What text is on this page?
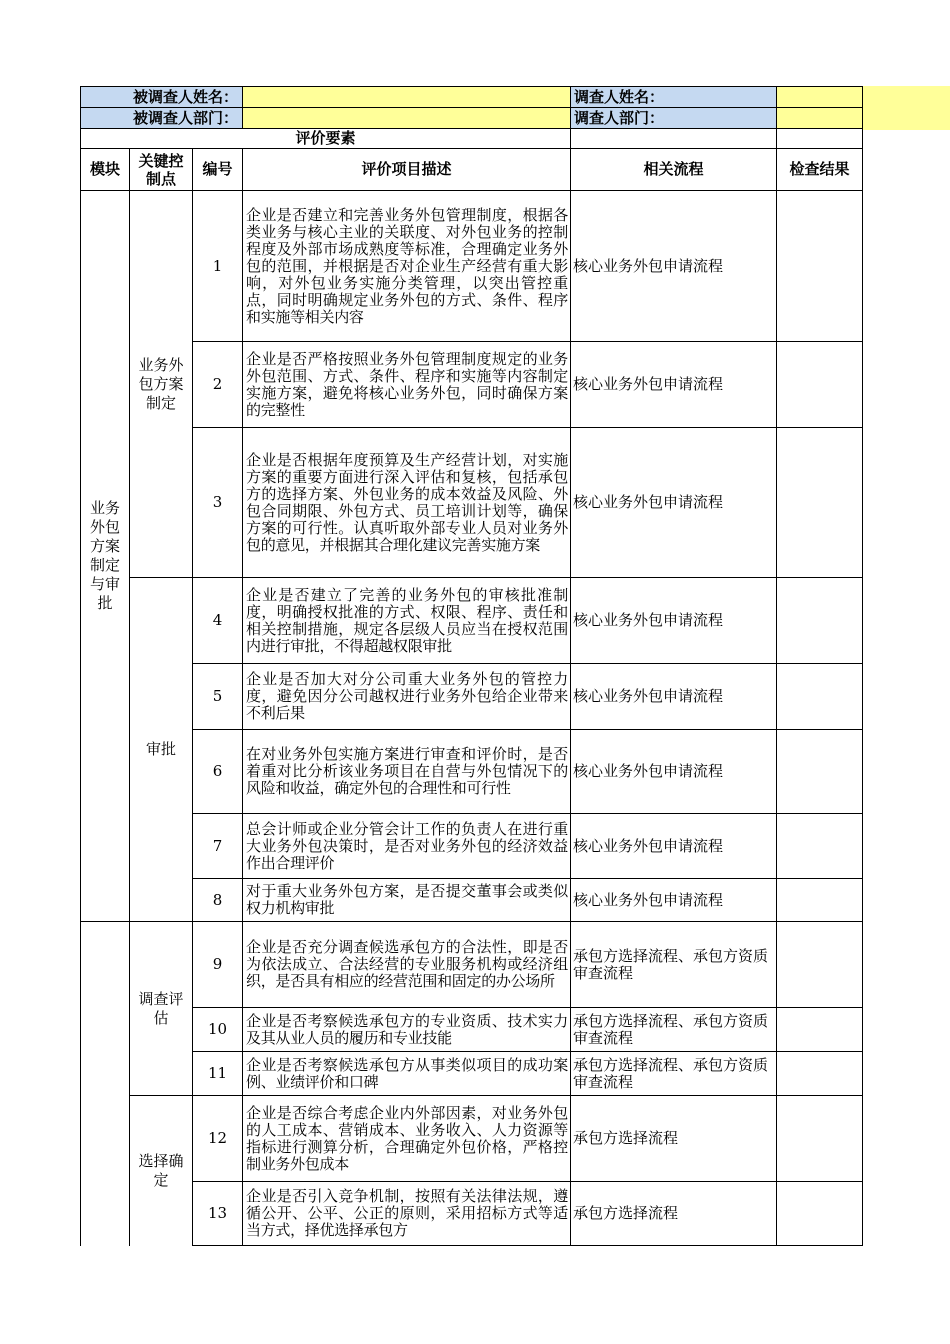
被调查人姓名：				调查人姓名：	
被调查人部门：				调查人部门：	
评价要素					
模块	关键控制点	编号	评价项目描述	相关流程	检查结果
业务外包方案制定与审批	业务外包方案制定	1	企业是否建立和完善业务外包管理制度，根据各类业务与核心主业的关联度、对外包业务的控制程度及外部市场成熟度等标准，合理确定业务外包的范围，并根据是否对企业生产经营有重大影响，对外包业务实施分类管理，以突出管控重点，同时明确规定业务外包的方式、条件、程序和实施等相关内容	核心业务外包申请流程	
		2	企业是否严格按照业务外包管理制度规定的业务外包范围、方式、条件、程序和实施等内容制定实施方案，避免将核心业务外包，同时确保方案的完整性	核心业务外包申请流程	
		3	企业是否根据年度预算及生产经营计划，对实施方案的重要方面进行深入评估和复核，包括承包方的选择方案、外包业务的成本效益及风险、外包合同期限、外包方式、员工培训计划等，确保方案的可行性。认真听取外部专业人员对业务外包的意见，并根据其合理化建议完善实施方案	核心业务外包申请流程	
	审批	4	企业是否建立了完善的业务外包的审核批准制度，明确授权批准的方式、权限、程序、责任和相关控制措施，规定各层级人员应当在授权范围内进行审批，不得超越权限审批	核心业务外包申请流程	
		5	企业是否加大对分公司重大业务外包的管控力度，避免因分公司越权进行业务外包给企业带来不利后果	核心业务外包申请流程	
		6	在对业务外包实施方案进行审查和评价时，是否着重对比分析该业务项目在自营与外包情况下的风险和收益，确定外包的合理性和可行性	核心业务外包申请流程	
		7	总会计师或企业分管会计工作的负责人在进行重大业务外包决策时，是否对业务外包的经济效益作出合理评价	核心业务外包申请流程	
		8	对于重大业务外包方案，是否提交董事会或类似权力机构审批	核心业务外包申请流程	
	调查评估	9	企业是否充分调查候选承包方的合法性，即是否为依法成立、合法经营的专业服务机构或经济组织，是否具有相应的经营范围和固定的办公场所	承包方选择流程、承包方资质审查流程	
		10	企业是否考察候选承包方的专业资质、技术实力及其从业人员的履历和专业技能	承包方选择流程、承包方资质审查流程	
		11	企业是否考察候选承包方从事类似项目的成功案例、业绩评价和口碑	承包方选择流程、承包方资质审查流程	
	选择确定	12	企业是否综合考虑企业内外部因素，对业务外包的人工成本、营销成本、业务收入、人力资源等指标进行测算分析，合理确定外包价格，严格控制业务外包成本	承包方选择流程	
		13	企业是否引入竞争机制，按照有关法律法规，遵循公开、公平、公正的原则，采用招标方式等适当方式，择优选择承包方	承包方选择流程	
